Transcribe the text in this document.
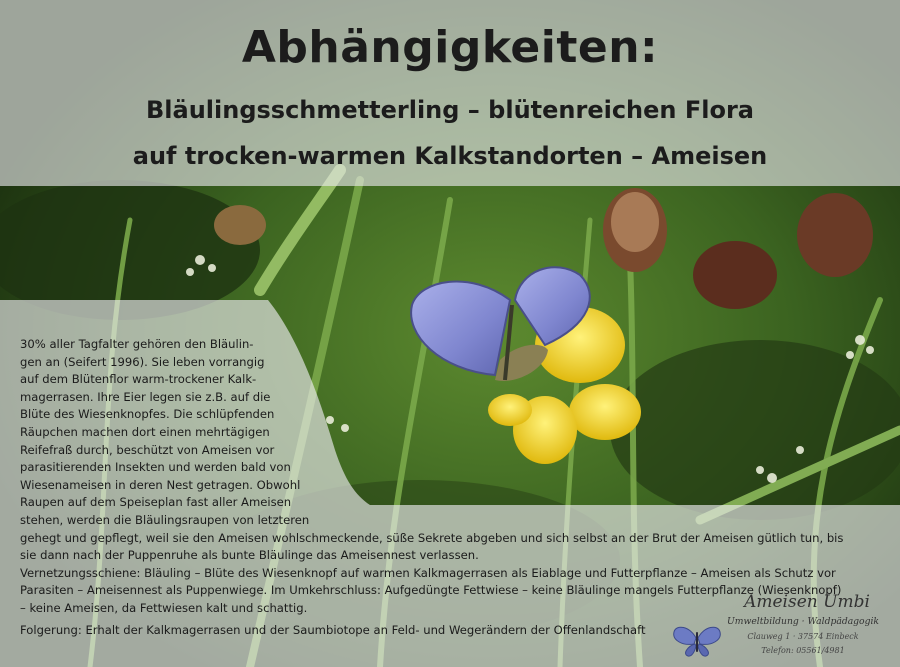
Abhängigkeiten:
Bläulingsschmetterling – blütenreichen Flora
auf trocken-warmen Kalkstandorten – Ameisen
30% aller Tagfalter gehören den Bläulin-
gen an (Seifert 1996). Sie leben vorrangig
auf dem Blütenflor warm-trockener Kalk-
magerrasen. Ihre Eier legen sie z.B. auf die
Blüte des Wiesenknopfes. Die schlüpfenden
Räupchen machen dort einen mehrtägigen
Reifefraß durch, beschützt von Ameisen vor
parasitierenden Insekten und werden bald von
Wiesenameisen in deren Nest getragen. Obwohl
Raupen auf dem Speiseplan fast aller Ameisen
stehen, werden die Bläulingsraupen von letzteren
gehegt und gepflegt, weil sie den Ameisen wohlschmeckende, süße Sekrete abgeben und sich selbst an der Brut der Ameisen gütlich tun, bis
sie dann nach der Puppenruhe als bunte Bläulinge das Ameisennest verlassen.
Vernetzungsschiene: Bläuling – Blüte des Wiesenknopf auf warmen Kalkmagerrasen als Eiablage und Futterpflanze – Ameisen als Schutz vor
Parasiten – Ameisennest als Puppenwiege. Im Umkehrschluss: Aufgedüngte Fettwiese – keine Bläulinge mangels Futterpflanze (Wiesenknopf)
– keine Ameisen, da Fettwiesen kalt und schattig.
Folgerung: Erhalt der Kalkmagerrasen und der Saumbiotope an Feld- und Wegerändern der Offenlandschaft
Ameisen Umbi
Umweltbildung · Waldpädagogik
Clauweg 1 · 37574 Einbeck
Telefon: 05561/4981
